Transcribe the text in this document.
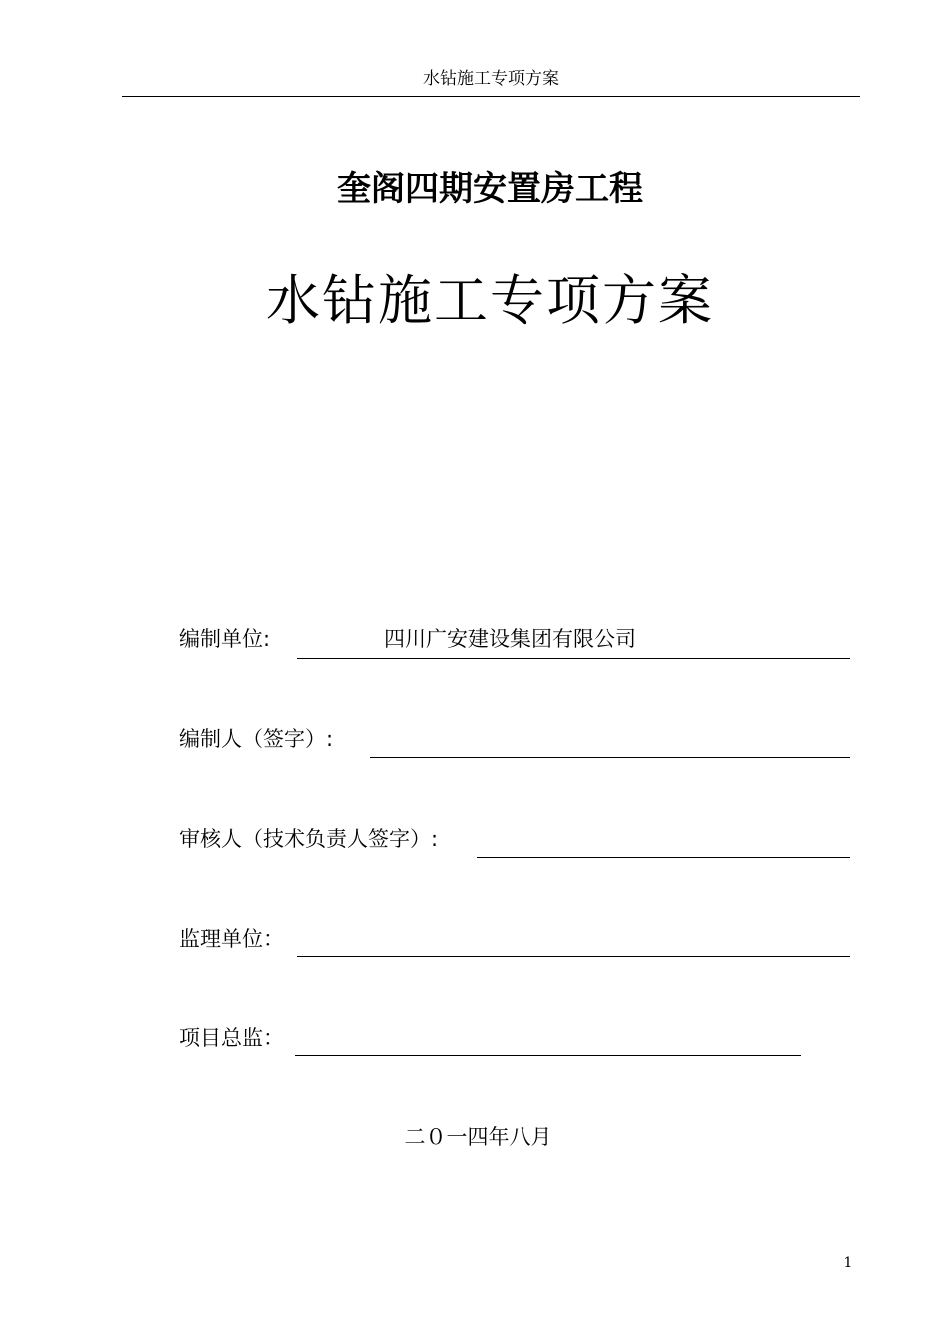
水钻施工专项方案
奎阁四期安置房工程
水钻施工专项方案
编制单位:	四川广安建设集团有限公司
编制人（签字）:
审核人（技术负责人签字）:
监理单位：
项目总监：
二０一四年八月
1
